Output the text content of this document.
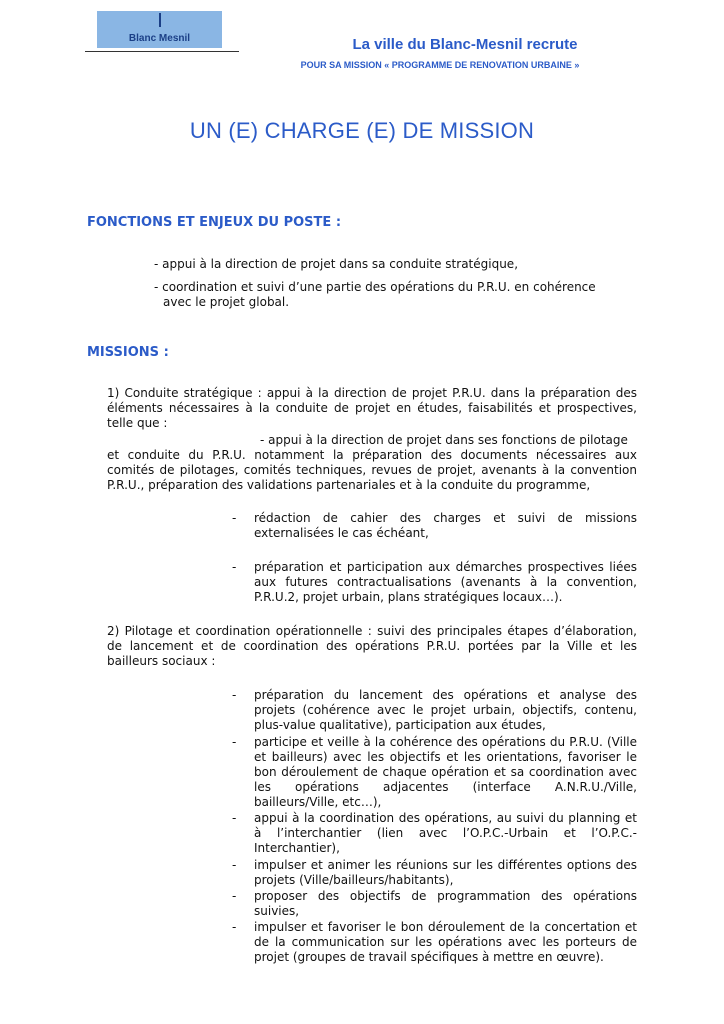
Blanc Mesnil	La ville du Blanc-Mesnil recrute
POUR SA MISSION « PROGRAMME DE RENOVATION URBAINE »
UN (E) CHARGE (E) DE MISSION
FONCTIONS ET ENJEUX DU POSTE :
- appui à la direction de projet dans sa conduite stratégique,
- coordination et suivi d’une partie des opérations du P.R.U. en cohérence
avec le projet global.
MISSIONS :
1) Conduite stratégique : appui à la direction de projet P.R.U. dans la préparation des éléments nécessaires à la conduite de projet en études, faisabilités et prospectives, telle que :
- appui à la direction de projet dans ses fonctions de pilotage
et conduite du P.R.U. notamment la préparation des documents nécessaires aux comités de pilotages, comités techniques, revues de projet, avenants à la convention P.R.U., préparation des validations partenariales et à la conduite du programme,
- rédaction de cahier des charges et suivi de missions externalisées le cas échéant,
- préparation et participation aux démarches prospectives liées aux futures contractualisations (avenants à la convention, P.R.U.2, projet urbain, plans stratégiques locaux…).
2) Pilotage et coordination opérationnelle : suivi des principales étapes d’élaboration, de lancement et de coordination des opérations P.R.U. portées par la Ville et les bailleurs sociaux :
- préparation du lancement des opérations et analyse des projets (cohérence avec le projet urbain, objectifs, contenu, plus-value qualitative), participation aux études,
- participe et veille à la cohérence des opérations du P.R.U. (Ville et bailleurs) avec les objectifs et les orientations, favoriser le bon déroulement de chaque opération et sa coordination avec les opérations adjacentes (interface A.N.R.U./Ville, bailleurs/Ville, etc…),
- appui à la coordination des opérations, au suivi du planning et à l’interchantier (lien avec l’O.P.C.-Urbain et l’O.P.C.-Interchantier),
- impulser et animer les réunions sur les différentes options des projets (Ville/bailleurs/habitants),
- proposer des objectifs de programmation des opérations suivies,
- impulser et favoriser le bon déroulement de la concertation et de la communication sur les opérations avec les porteurs de projet (groupes de travail spécifiques à mettre en œuvre).
